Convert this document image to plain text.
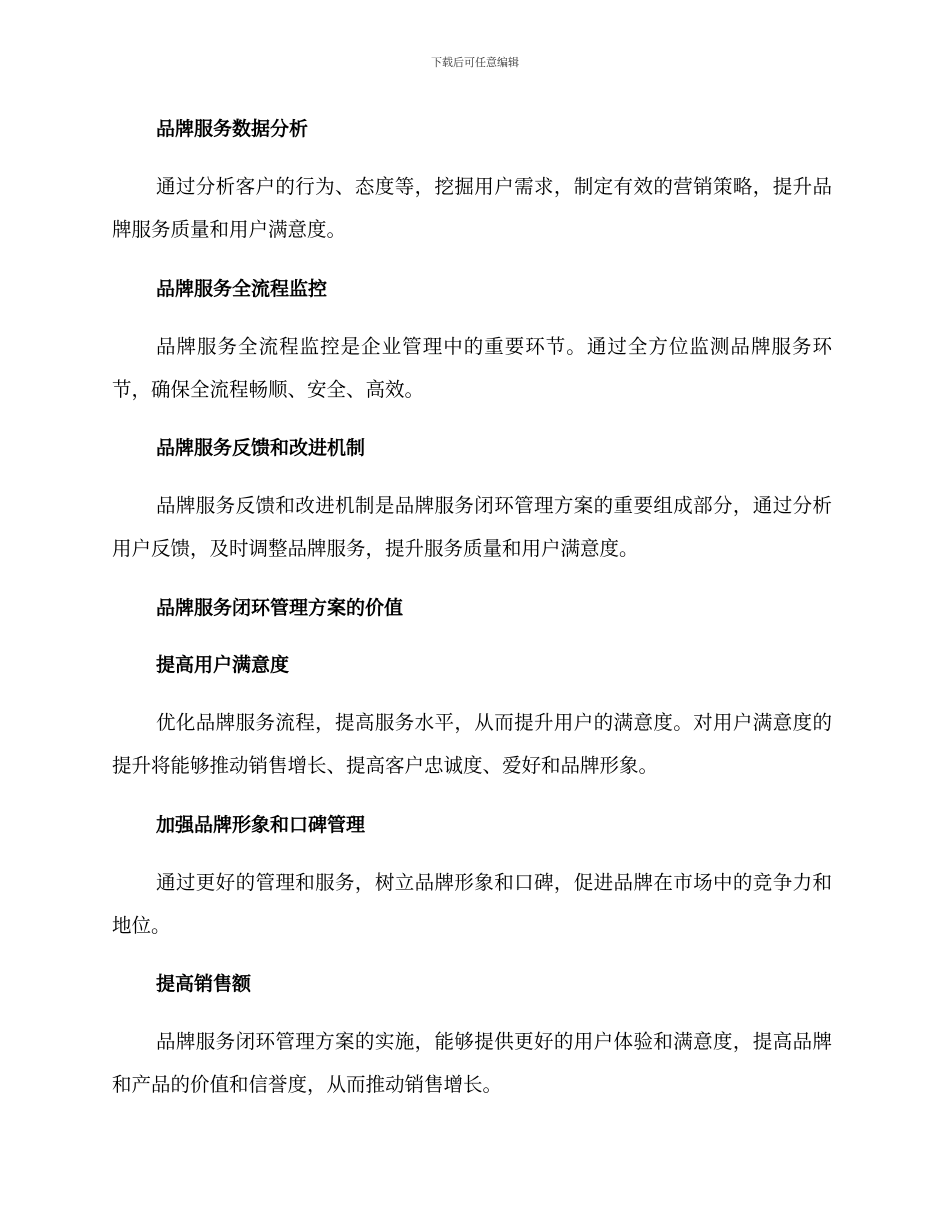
下载后可任意编辑
品牌服务数据分析
通过分析客户的行为、态度等，挖掘用户需求，制定有效的营销策略，提升品牌服务质量和用户满意度。
品牌服务全流程监控
品牌服务全流程监控是企业管理中的重要环节。通过全方位监测品牌服务环节，确保全流程畅顺、安全、高效。
品牌服务反馈和改进机制
品牌服务反馈和改进机制是品牌服务闭环管理方案的重要组成部分，通过分析用户反馈，及时调整品牌服务，提升服务质量和用户满意度。
品牌服务闭环管理方案的价值
提高用户满意度
优化品牌服务流程，提高服务水平，从而提升用户的满意度。对用户满意度的提升将能够推动销售增长、提高客户忠诚度、爱好和品牌形象。
加强品牌形象和口碑管理
通过更好的管理和服务，树立品牌形象和口碑，促进品牌在市场中的竞争力和地位。
提高销售额
品牌服务闭环管理方案的实施，能够提供更好的用户体验和满意度，提高品牌和产品的价值和信誉度，从而推动销售增长。
